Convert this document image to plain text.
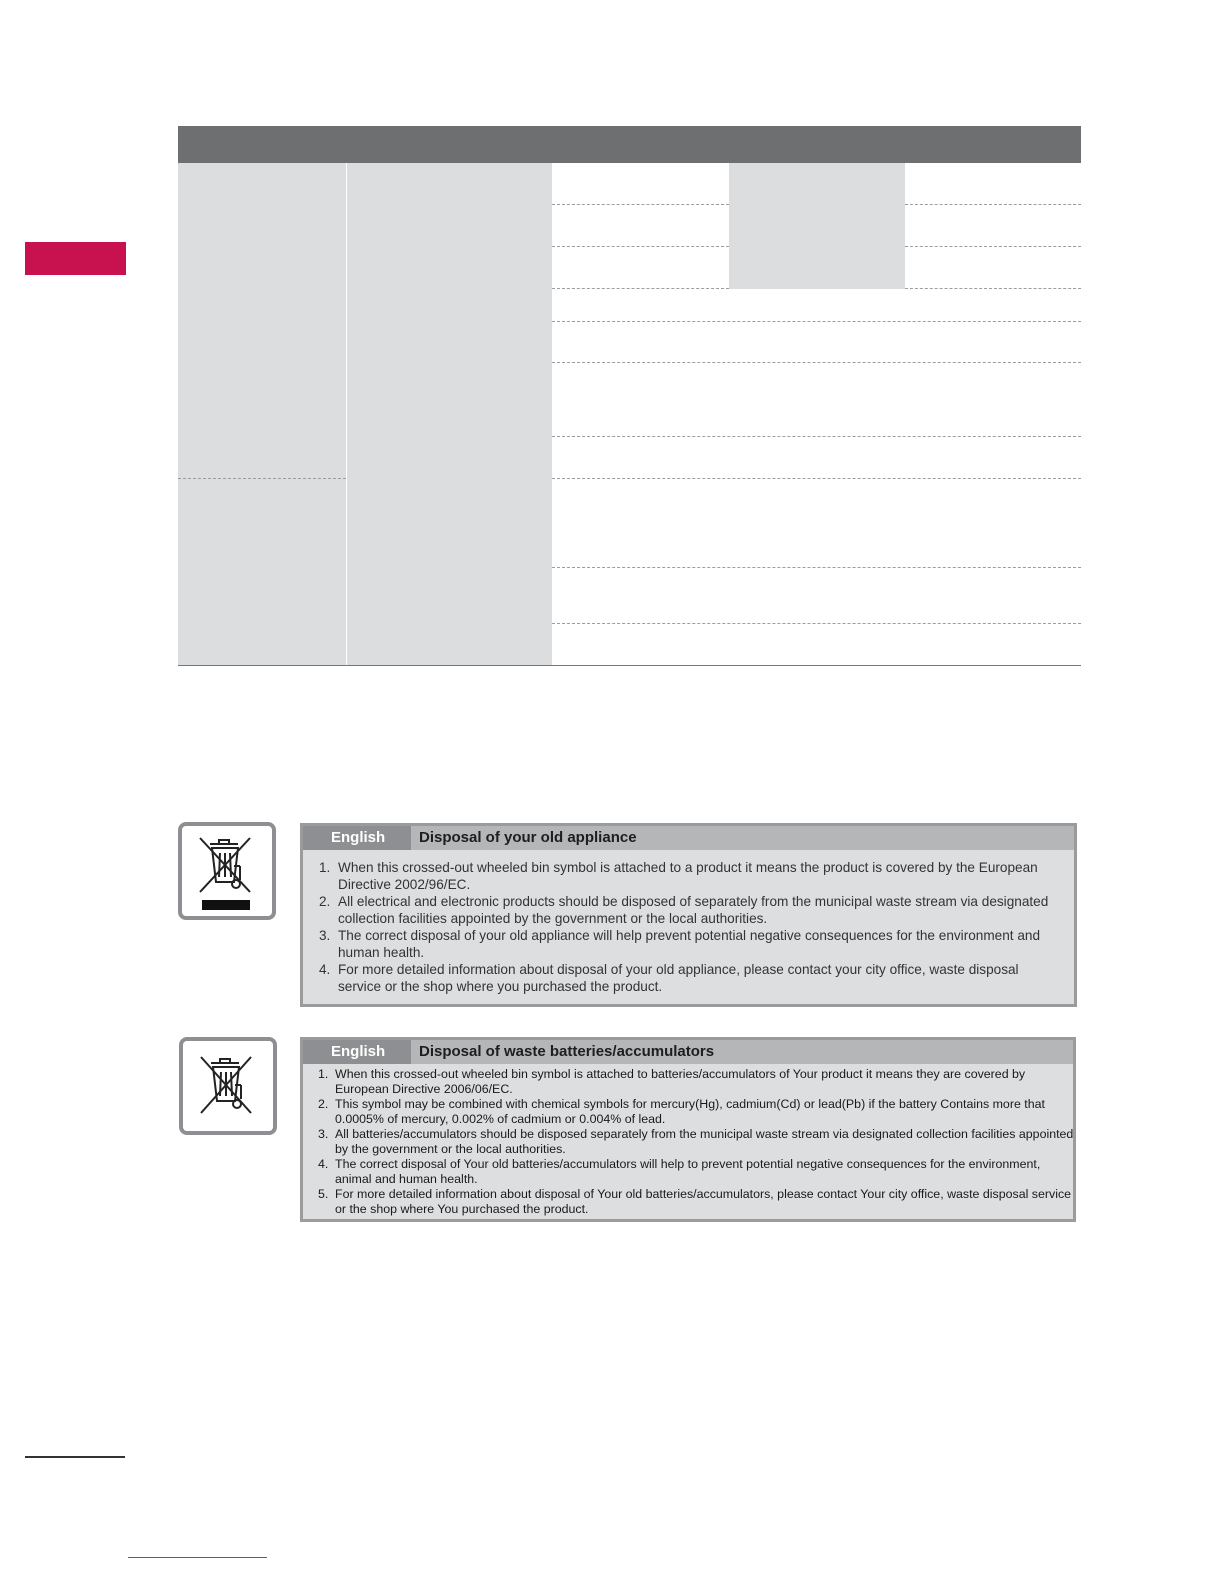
English	Disposal of your old appliance
1. When this crossed-out wheeled bin symbol is attached to a product it means the product is covered by the European Directive 2002/96/EC.
2. All electrical and electronic products should be disposed of separately from the municipal waste stream via designated collection facilities appointed by the government or the local authorities.
3. The correct disposal of your old appliance will help prevent potential negative consequences for the environment and human health.
4. For more detailed information about disposal of your old appliance, please contact your city office, waste disposal service or the shop where you purchased the product.
English	Disposal of waste batteries/accumulators
1. When this crossed-out wheeled bin symbol is attached to batteries/accumulators of Your product it means they are covered by European Directive 2006/06/EC.
2. This symbol may be combined with chemical symbols for mercury(Hg), cadmium(Cd) or lead(Pb) if the battery Contains more that 0.0005% of mercury, 0.002% of cadmium or 0.004% of lead.
3. All batteries/accumulators should be disposed separately from the municipal waste stream via designated collection facilities appointed by the government or the local authorities.
4. The correct disposal of Your old batteries/accumulators will help to prevent potential negative consequences for the environment, animal and human health.
5. For more detailed information about disposal of Your old batteries/accumulators, please contact Your city office, waste disposal service or the shop where You purchased the product.
